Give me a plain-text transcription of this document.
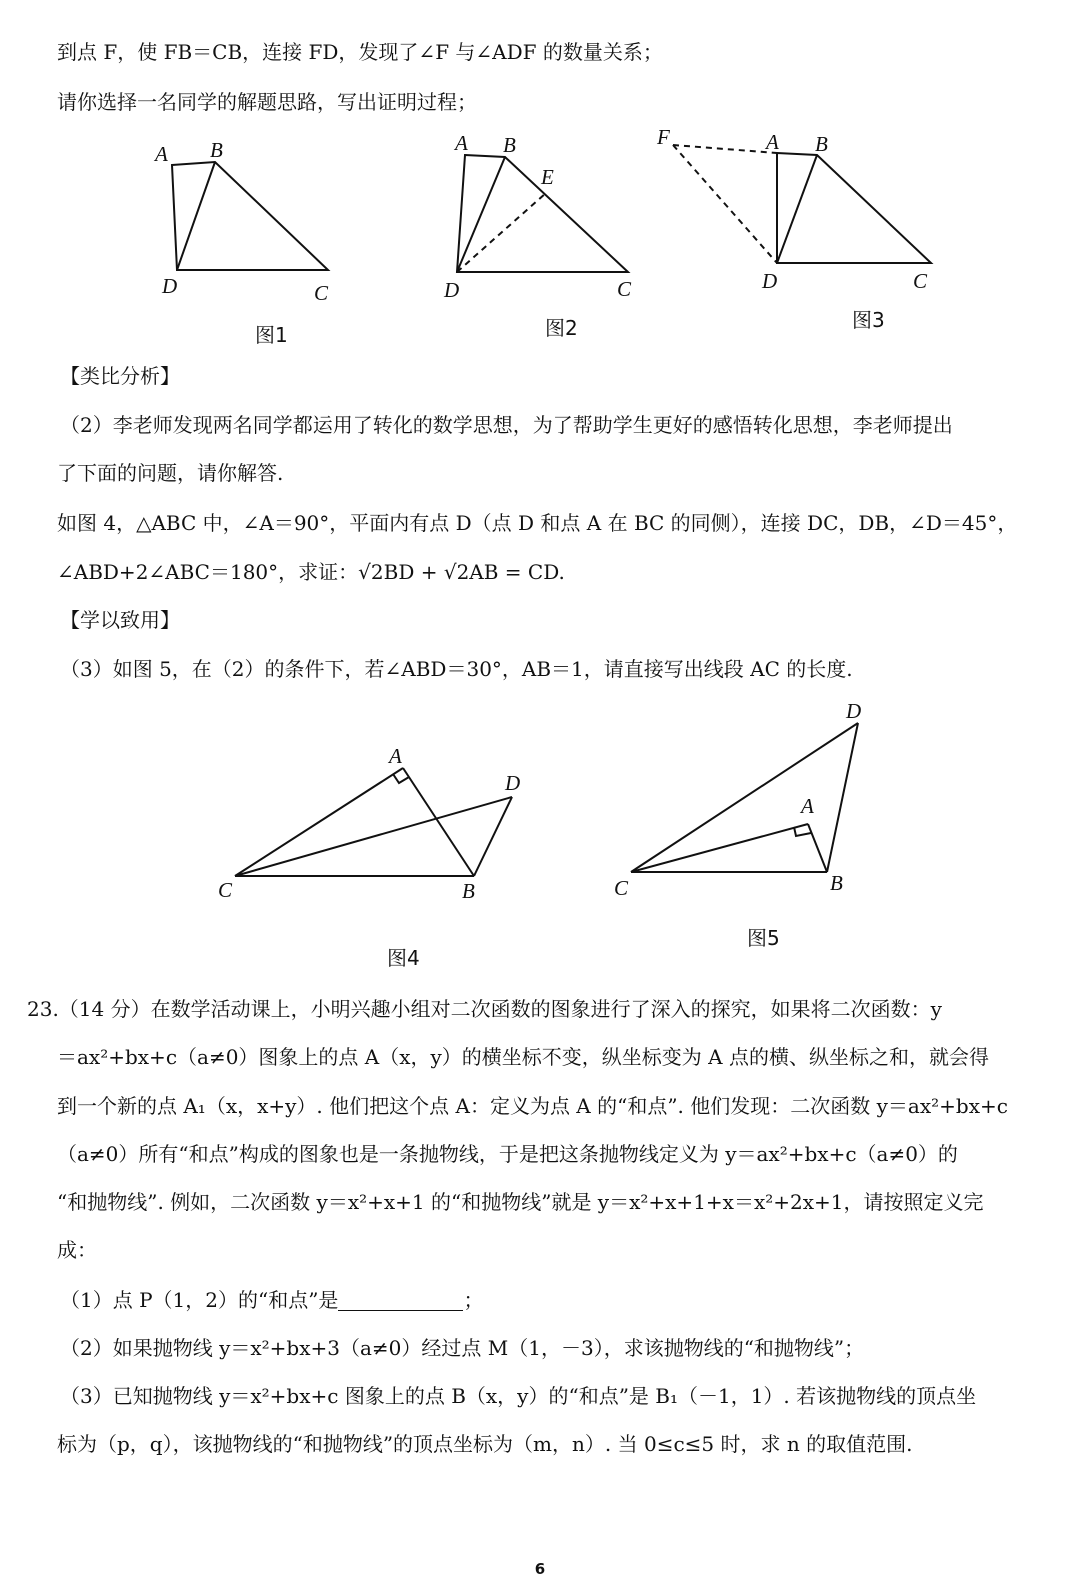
到点 F，使 FB＝CB，连接 FD，发现了∠F 与∠ADF 的数量关系；
请你选择一名同学的解题思路，写出证明过程；
A B
D	C
图1
A B
E
D	C
图2
F	A B
D	C
图3
A
D
C	B
图4
A
D
C	B
图5
【类比分析】
（2）李老师发现两名同学都运用了转化的数学思想，为了帮助学生更好的感悟转化思想，李老师提出
了下面的问题，请你解答.
如图 4，△ABC 中，∠A＝90°，平面内有点 D（点 D 和点 A 在 BC 的同侧），连接 DC，DB，∠D＝45°，
∠ABD+2∠ABC＝180°，求证：√2BD + √2AB = CD.
【学以致用】
（3）如图 5，在（2）的条件下，若∠ABD＝30°，AB＝1，请直接写出线段 AC 的长度.
23.（14 分）在数学活动课上，小明兴趣小组对二次函数的图象进行了深入的探究，如果将二次函数：y
＝ax²+bx+c（a≠0）图象上的点 A（x，y）的横坐标不变，纵坐标变为 A 点的横、纵坐标之和，就会得
到一个新的点 A₁（x，x+y）. 他们把这个点 A：定义为点 A 的“和点”. 他们发现：二次函数 y＝ax²+bx+c
（a≠0）所有“和点”构成的图象也是一条抛物线，于是把这条抛物线定义为 y＝ax²+bx+c（a≠0）的
“和抛物线”. 例如，二次函数 y＝x²+x+1 的“和抛物线”就是 y＝x²+x+1+x＝x²+2x+1，请按照定义完
成：
（1）点 P（1，2）的“和点”是	；
（2）如果抛物线 y＝x²+bx+3（a≠0）经过点 M（1，－3），求该抛物线的“和抛物线”；
（3）已知抛物线 y＝x²+bx+c 图象上的点 B（x，y）的“和点”是 B₁（－1，1）. 若该抛物线的顶点坐
标为（p，q），该抛物线的“和抛物线”的顶点坐标为（m，n）. 当 0≤c≤5 时，求 n 的取值范围.
6
